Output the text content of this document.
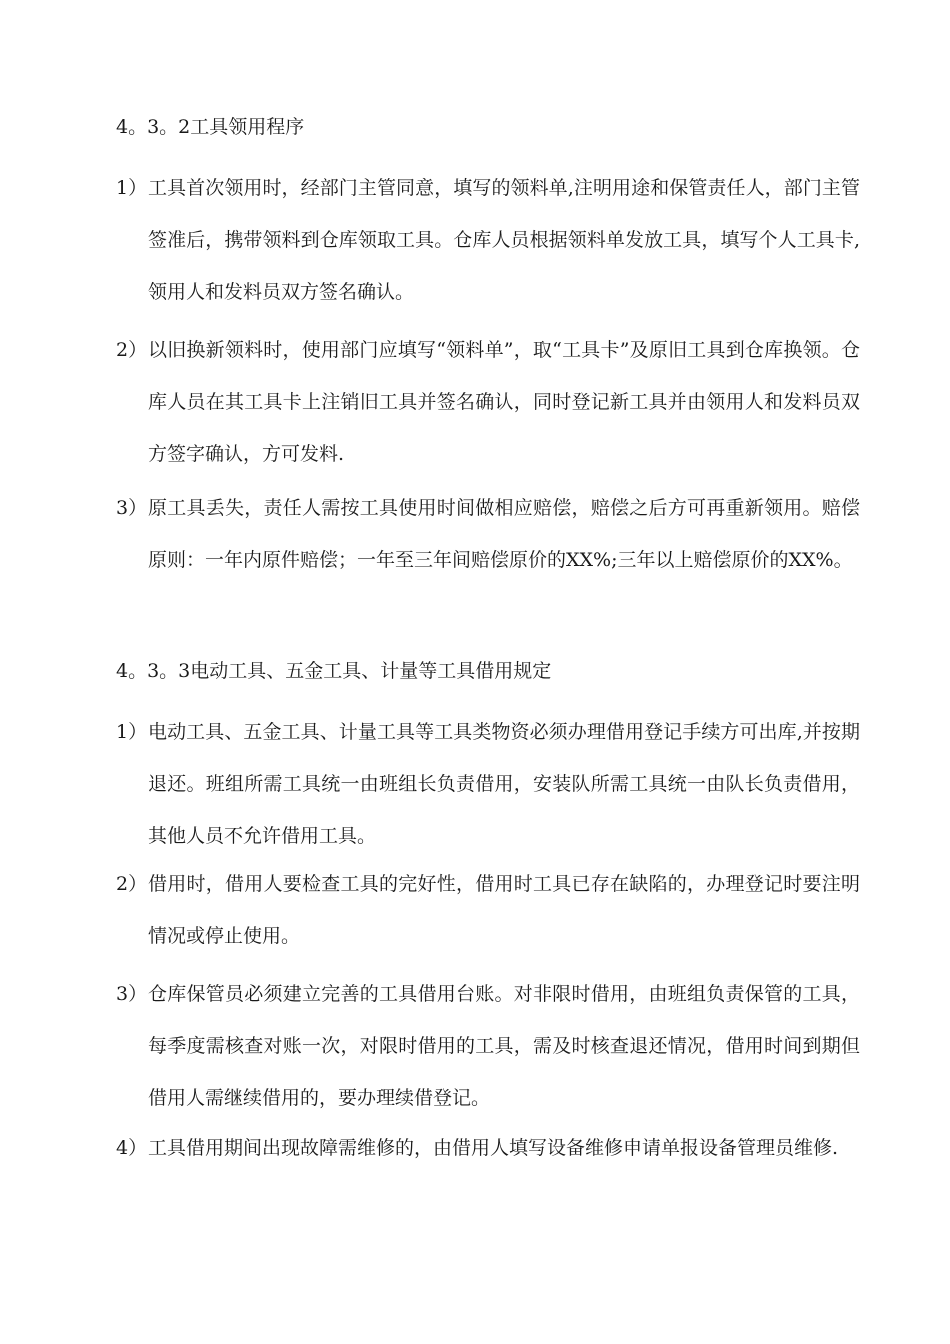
4。3。2工具领用程序
1） 工具首次领用时，经部门主管同意，填写的领料单,注明用途和保管责任人，部门主管签准后，携带领料到仓库领取工具。仓库人员根据领料单发放工具，填写个人工具卡,领用人和发料员双方签名确认。
2） 以旧换新领料时，使用部门应填写“领料单”，取“工具卡”及原旧工具到仓库换领。仓库人员在其工具卡上注销旧工具并签名确认，同时登记新工具并由领用人和发料员双方签字确认，方可发料.
3） 原工具丢失，责任人需按工具使用时间做相应赔偿，赔偿之后方可再重新领用。赔偿原则：一年内原件赔偿；一年至三年间赔偿原价的XX%;三年以上赔偿原价的XX%。
4。3。3电动工具、五金工具、计量等工具借用规定
1） 电动工具、五金工具、计量工具等工具类物资必须办理借用登记手续方可出库,并按期退还。班组所需工具统一由班组长负责借用，安装队所需工具统一由队长负责借用，其他人员不允许借用工具。
2） 借用时，借用人要检查工具的完好性，借用时工具已存在缺陷的，办理登记时要注明情况或停止使用。
3） 仓库保管员必须建立完善的工具借用台账。对非限时借用，由班组负责保管的工具，每季度需核查对账一次，对限时借用的工具，需及时核查退还情况，借用时间到期但借用人需继续借用的，要办理续借登记。
4） 工具借用期间出现故障需维修的，由借用人填写设备维修申请单报设备管理员维修.
